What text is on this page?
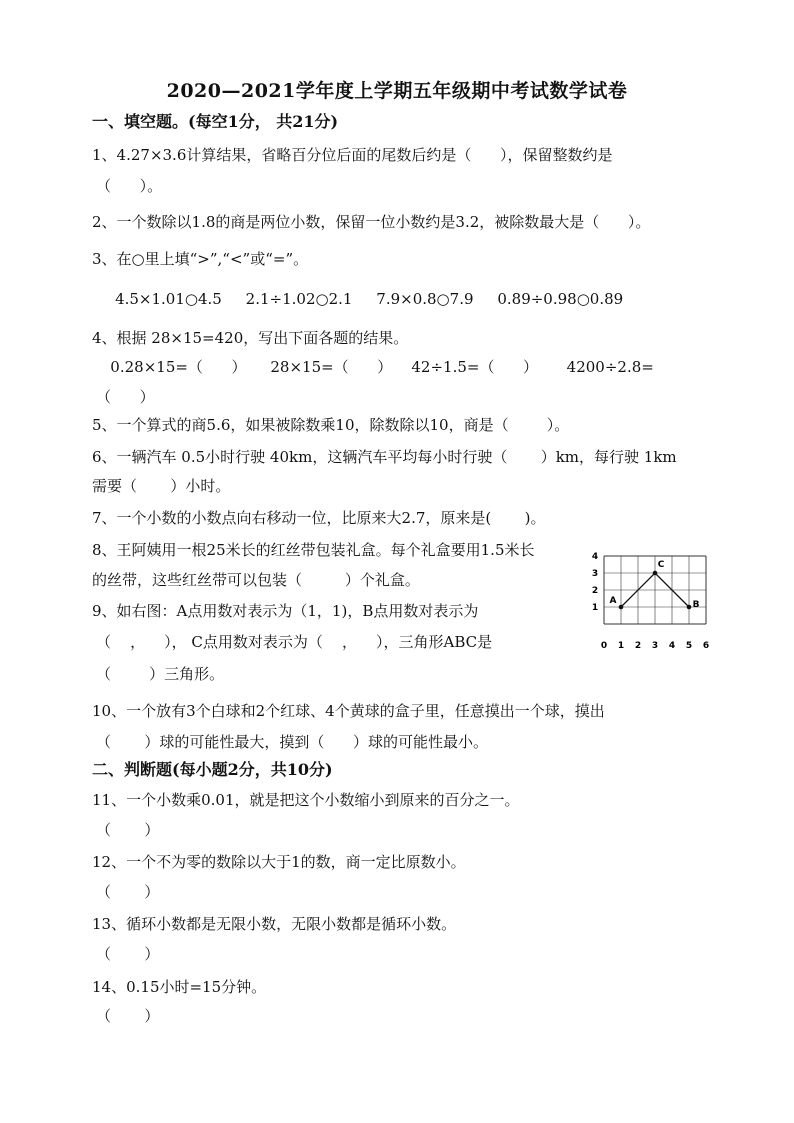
2020—2021学年度上学期五年级期中考试数学试卷
一、填空题。(每空1分， 共21分)
1、4.27×3.6计算结果，省略百分位后面的尾数后约是（      ），保留整数约是
（      ）。
2、一个数除以1.8的商是两位小数，保留一位小数约是3.2，被除数最大是（      ）。
3、在○里上填“>”,“<”或“=”。
4.5×1.01○4.5     2.1÷1.02○2.1     7.9×0.8○7.9     0.89÷0.98○0.89
4、根据 28×15=420，写出下面各题的结果。
0.28×15=（      ）     28×15=（      ）    42÷1.5=（      ）      4200÷2.8=
（      ）
5、一个算式的商5.6，如果被除数乘10，除数除以10，商是（        ）。
6、一辆汽车 0.5小时行驶 40km，这辆汽车平均每小时行驶（       ）km，每行驶 1km
需要（       ）小时。
7、一个小数的小数点向右移动一位，比原来大2.7，原来是(       )。
8、王阿姨用一根25米长的红丝带包装礼盒。每个礼盒要用1.5米长
的丝带，这些红丝带可以包装（         ）个礼盒。
9、如右图：A点用数对表示为（1，1)，B点用数对表示为
（    ，    ）， C点用数对表示为（    ，    ），三角形ABC是
（        ）三角形。
10、一个放有3个白球和2个红球、4个黄球的盒子里，任意摸出一个球，摸出
（       ）球的可能性最大，摸到（      ）球的可能性最小。
二、判断题(每小题2分，共10分)
11、一个小数乘0.01，就是把这个小数缩小到原来的百分之一。
（       ）
12、一个不为零的数除以大于1的数，商一定比原数小。
（       ）
13、循环小数都是无限小数，无限小数都是循环小数。
（       ）
14、0.15小时=15分钟。
（       ）
0 1 2 3 4 5 6
1
2
3
4
A	B
C
